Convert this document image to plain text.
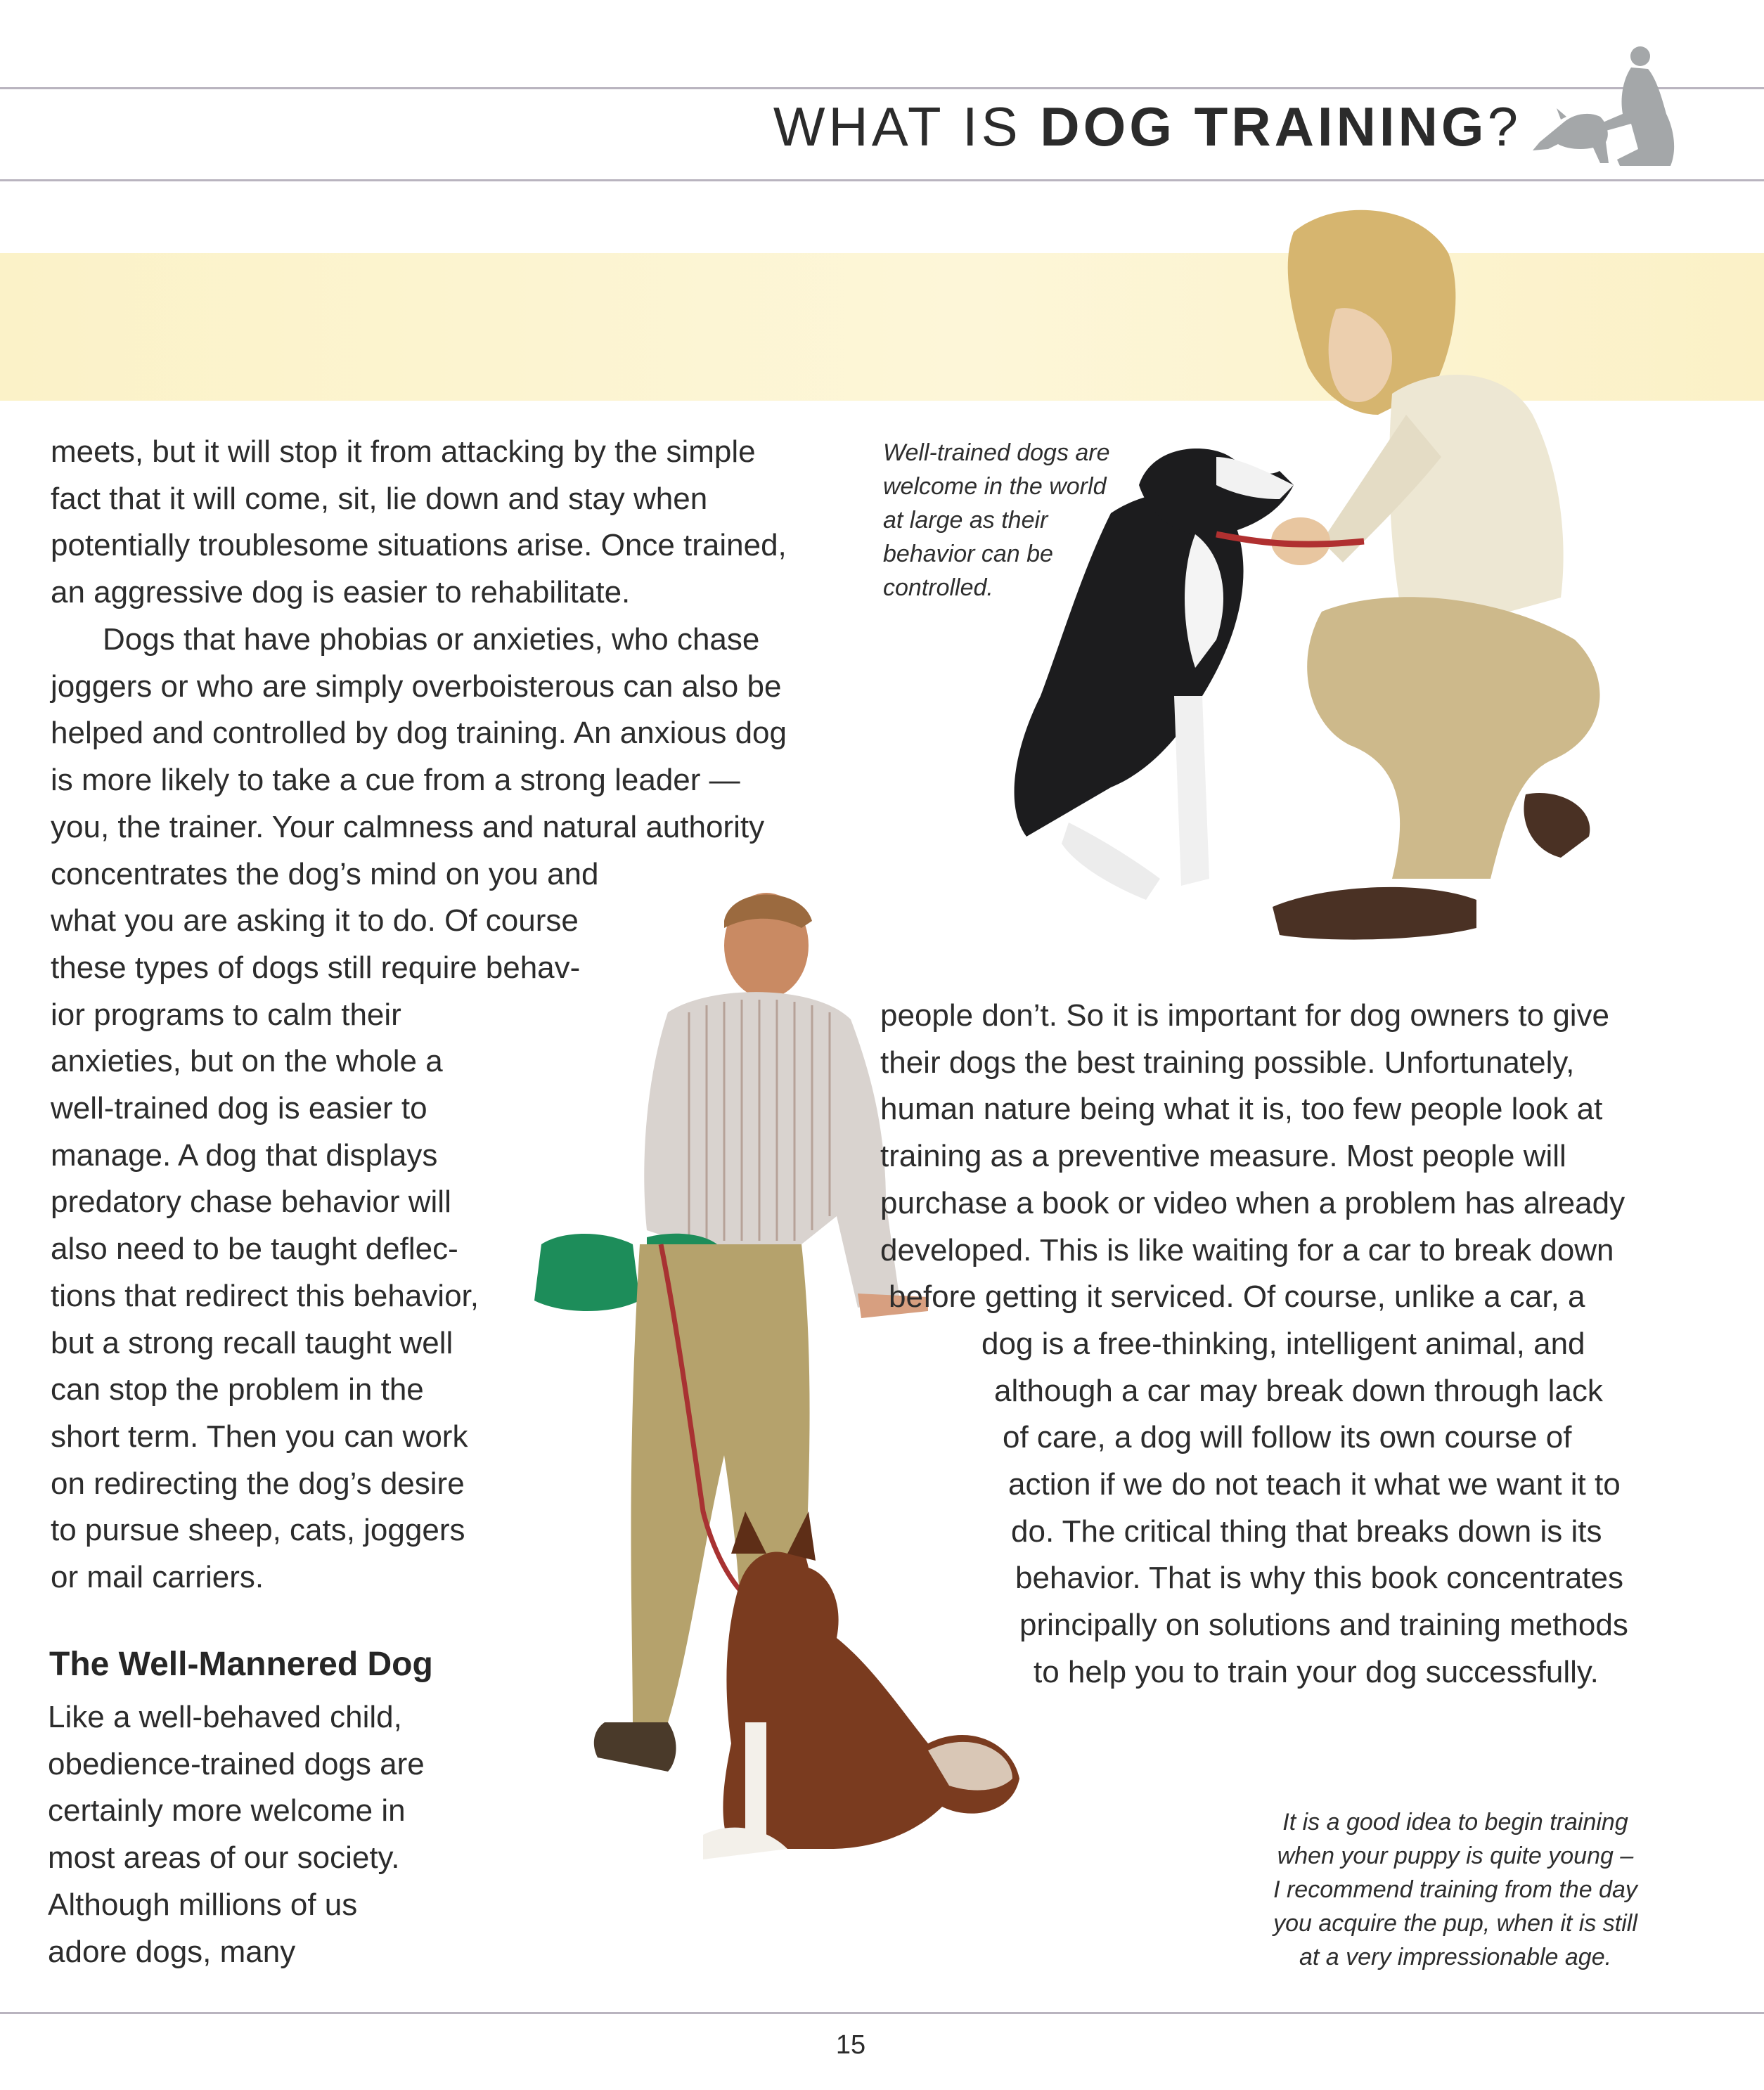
WHAT IS DOG TRAINING?
meets, but it will stop it from attacking by the simple
fact that it will come, sit, lie down and stay when
potentially troublesome situations arise. Once trained,
an aggressive dog is easier to rehabilitate.
Dogs that have phobias or anxieties, who chase
joggers or who are simply overboisterous can also be
helped and controlled by dog training. An anxious dog
is more likely to take a cue from a strong leader —
you, the trainer. Your calmness and natural authority
concentrates the dog’s mind on you and
what you are asking it to do. Of course
these types of dogs still require behav-
ior programs to calm their
anxieties, but on the whole a
well-trained dog is easier to
manage. A dog that displays
predatory chase behavior will
also need to be taught deflec-
tions that redirect this behavior,
but a strong recall taught well
can stop the problem in the
short term. Then you can work
on redirecting the dog’s desire
to pursue sheep, cats, joggers
or mail carriers.
The Well-Mannered Dog
Like a well-behaved child,
obedience-trained dogs are
certainly more welcome in
most areas of our society.
Although millions of us
adore dogs, many
people don’t. So it is important for dog owners to give
their dogs the best training possible. Unfortunately,
human nature being what it is, too few people look at
training as a preventive measure. Most people will
purchase a book or video when a problem has already
developed. This is like waiting for a car to break down
before getting it serviced. Of course, unlike a car, a
dog is a free-thinking, intelligent animal, and
although a car may break down through lack
of care, a dog will follow its own course of
action if we do not teach it what we want it to
do. The critical thing that breaks down is its
behavior. That is why this book concentrates
principally on solutions and training methods
to help you to train your dog successfully.
Well-trained dogs are
welcome in the world
at large as their
behavior can be
controlled.
It is a good idea to begin training
when your puppy is quite young –
I recommend training from the day
you acquire the pup, when it is still
at a very impressionable age.
15
